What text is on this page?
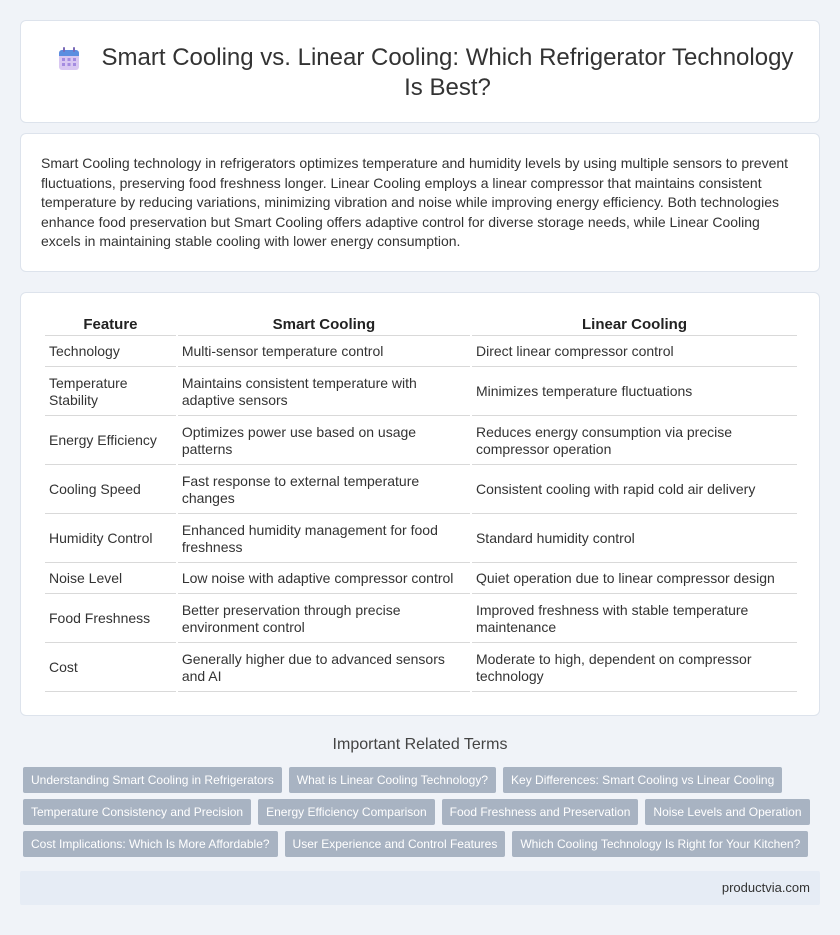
Smart Cooling vs. Linear Cooling: Which Refrigerator Technology Is Best?

Smart Cooling technology in refrigerators optimizes temperature and humidity levels by using multiple sensors to prevent fluctuations, preserving food freshness longer. Linear Cooling employs a linear compressor that maintains consistent temperature by reducing variations, minimizing vibration and noise while improving energy efficiency. Both technologies enhance food preservation but Smart Cooling offers adaptive control for diverse storage needs, while Linear Cooling excels in maintaining stable cooling with lower energy consumption.

Feature	Smart Cooling	Linear Cooling
Technology	Multi-sensor temperature control	Direct linear compressor control
Temperature Stability	Maintains consistent temperature with adaptive sensors	Minimizes temperature fluctuations
Energy Efficiency	Optimizes power use based on usage patterns	Reduces energy consumption via precise compressor operation
Cooling Speed	Fast response to external temperature changes	Consistent cooling with rapid cold air delivery
Humidity Control	Enhanced humidity management for food freshness	Standard humidity control
Noise Level	Low noise with adaptive compressor control	Quiet operation due to linear compressor design
Food Freshness	Better preservation through precise environment control	Improved freshness with stable temperature maintenance
Cost	Generally higher due to advanced sensors and AI	Moderate to high, dependent on compressor technology
Important Related Terms
Understanding Smart Cooling in Refrigerators	What is Linear Cooling Technology?	Key Differences: Smart Cooling vs Linear Cooling
Temperature Consistency and Precision	Energy Efficiency Comparison	Food Freshness and Preservation	Noise Levels and Operation
Cost Implications: Which Is More Affordable?	User Experience and Control Features	Which Cooling Technology Is Right for Your Kitchen?
productvia.com
